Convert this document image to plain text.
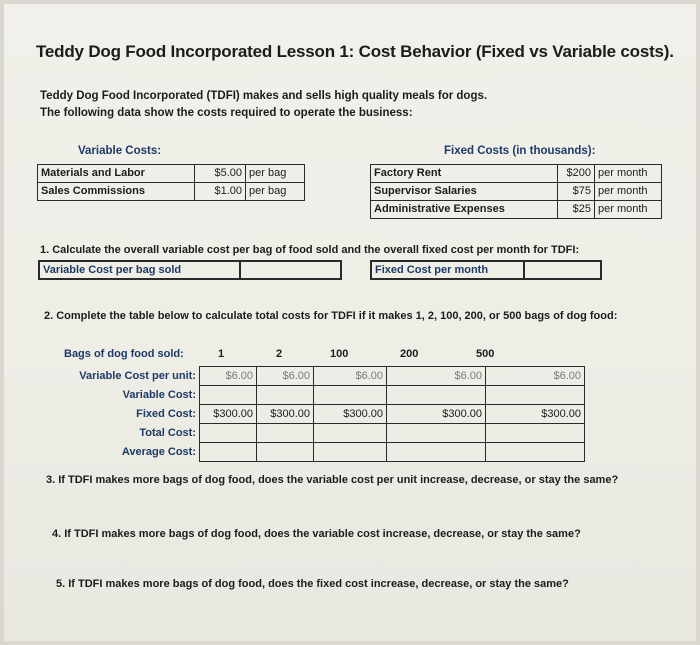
Teddy Dog Food Incorporated Lesson 1: Cost Behavior (Fixed vs Variable costs).
Teddy Dog Food Incorporated (TDFI) makes and sells high quality meals for dogs.
The following data show the costs required to operate the business:
Variable Costs:
Materials and Labor	$5.00	per bag
Sales Commissions	$1.00	per bag
Fixed Costs (in thousands):
Factory Rent	$200	per month
Supervisor Salaries	$75	per month
Administrative Expenses	$25	per month
1. Calculate the overall variable cost per bag of food sold and the overall fixed cost per month for TDFI:
Variable Cost per bag sold	Fixed Cost per month
2. Complete the table below to calculate total costs for TDFI if it makes 1, 2, 100, 200, or 500 bags of dog food:
Bags of dog food sold:	1	2	100	200	500
Variable Cost per unit:	$6.00	$6.00	$6.00	$6.00	$6.00
Variable Cost:					
Fixed Cost:	$300.00	$300.00	$300.00	$300.00	$300.00
Total Cost:					
Average Cost:					
3. If TDFI makes more bags of dog food, does the variable cost per unit increase, decrease, or stay the same?
4. If TDFI makes more bags of dog food, does the variable cost increase, decrease, or stay the same?
5. If TDFI makes more bags of dog food, does the fixed cost increase, decrease, or stay the same?
